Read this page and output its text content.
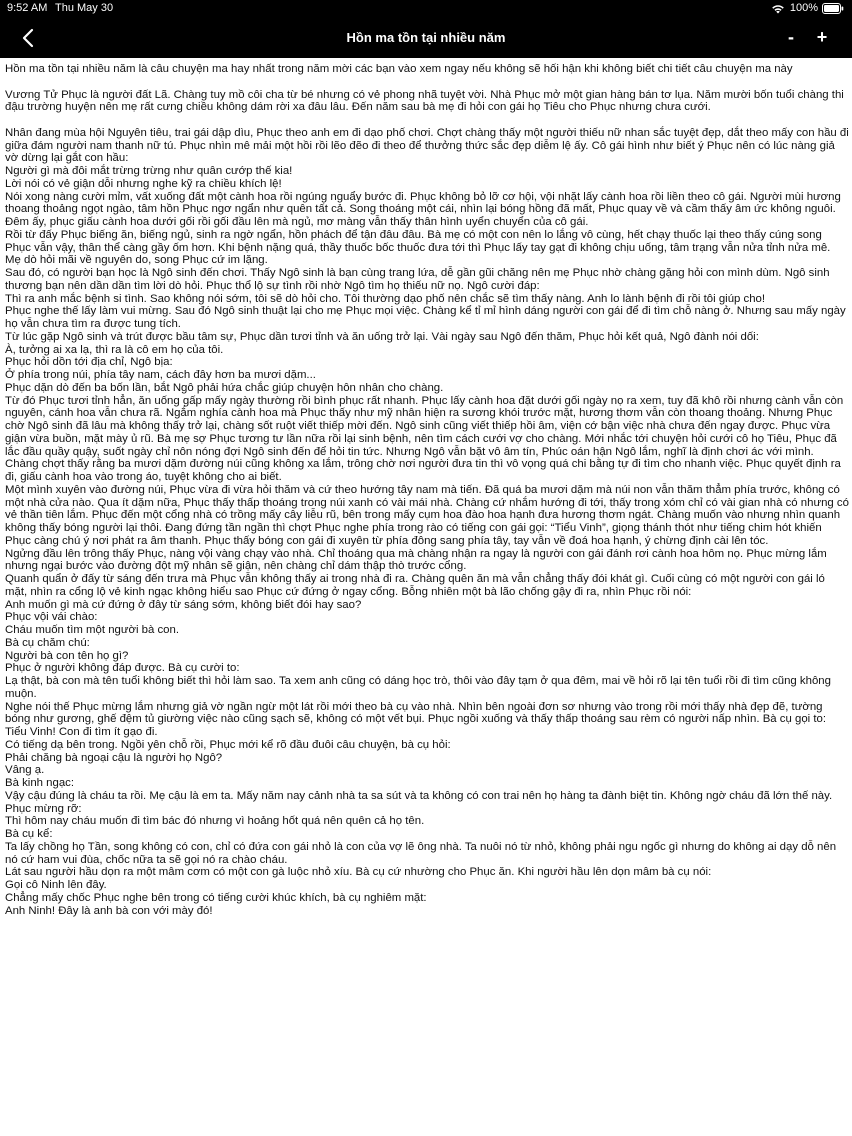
9:52 AM Thu May 30	100%
Hồn ma tồn tại nhiều năm	-	+

Hồn ma tồn tại nhiều năm là câu chuyện ma hay nhất trong năm mời các bạn vào xem ngay nếu không sẽ hối hận khi không biết chi tiết câu chuyện ma này

Vương Tử Phục là người đất Lã. Chàng tuy mồ côi cha từ bé nhưng có vẻ phong nhã tuyệt vời. Nhà Phục mở một gian hàng bán tơ lụa. Năm mười bốn tuổi chàng thi đậu trường huyện nên mẹ rất cưng chiều không dám rời xa đâu lâu. Đến năm sau bà mẹ đi hỏi con gái họ Tiêu cho Phục nhưng chưa cưới.

Nhân đang mùa hội Nguyên tiêu, trai gái dập dìu, Phục theo anh em đi dạo phố chơi. Chợt chàng thấy một người thiếu nữ nhan sắc tuyệt đẹp, dắt theo mấy con hầu đi giữa đám người nam thanh nữ tú. Phục nhìn mê mải một hồi rồi lẽo đẽo đi theo để thưởng thức sắc đẹp diễm lệ ấy. Cô gái hình như biết ý Phục nên có lúc nàng giả vờ dừng lại gắt con hầu:

Người gì mà đôi mắt trừng trừng như quân cướp thế kia!

Lời nói có vẻ giận dỗi nhưng nghe kỹ ra chiều khích lệ!

Nói xong nàng cười mỉm, vất xuống đất một cành hoa rồi ngúng nguẩy bước đi. Phục không bỏ lỡ cơ hội, vội nhặt lấy cành hoa rồi liền theo cô gái. Người mùi hương thoang thoảng ngọt ngào, tâm hồn Phục ngơ ngẩn như quên tất cả. Song thoáng một cái, nhìn lại bóng hồng đã mất, Phục quay về và cầm thấy âm ức không nguôi. Đêm ấy, phục giấu cành hoa dưới gối rồi gối đầu lên mà ngủ, mơ màng vẫn thấy thân hình uyển chuyển của cô gái.

Rồi từ đấy Phục biếng ăn, biếng ngủ, sinh ra ngờ ngẩn, hồn phách để tận đâu đâu. Bà mẹ có một con nên lo lắng vô cùng, hết chạy thuốc lại theo thấy cúng song Phục vẫn vậy, thân thể càng gầy ốm hơn. Khi bệnh nặng quá, thầy thuốc bốc thuốc đưa tới thì Phục lấy tay gạt đi không chịu uống, tâm trạng vẫn nửa tỉnh nửa mê. Mẹ dò hỏi mãi về nguyên do, song Phục cứ im lặng.

Sau đó, có người bạn học là Ngô sinh đến chơi. Thấy Ngô sinh là bạn cùng trang lứa, dễ gần gũi chăng nên mẹ Phục nhờ chàng gặng hỏi con mình dùm. Ngô sinh thương bạn nên dần dần tìm lời dò hỏi. Phục thổ lộ sự tình rồi nhờ Ngô tìm họ thiếu nữ nọ. Ngô cười đáp:

Thì ra anh mắc bệnh si tình. Sao không nói sớm, tôi sẽ dò hỏi cho. Tôi thường dạo phố nên chắc sẽ tìm thấy nàng. Anh lo lành bệnh đi rồi tôi giúp cho!

Phục nghe thế lấy làm vui mừng. Sau đó Ngô sinh thuật lại cho mẹ Phục mọi việc. Chàng kể tỉ mỉ hình dáng người con gái để đi tìm chỗ nàng ở. Nhưng sau mấy ngày họ vẫn chưa tìm ra được tung tích.

Từ lúc gặp Ngô sinh và trút được bầu tâm sự, Phục dần tươi tỉnh và ăn uống trở lại. Vài ngày sau Ngô đến thăm, Phục hỏi kết quả, Ngô đành nói dối:

À, tưởng ai xa lạ, thì ra là cô em họ của tôi.

Phục hỏi dồn tới địa chỉ, Ngô bịa:

Ở phía trong núi, phía tây nam, cách đây hơn ba mươi dặm...

Phục dặn dò đến ba bốn lần, bắt Ngô phải hứa chắc giúp chuyện hôn nhân cho chàng.

Từ đó Phục tươi tỉnh hẳn, ăn uống gấp mấy ngày thường rồi bình phục rất nhanh. Phục lấy cành hoa đặt dưới gối ngày nọ ra xem, tuy đã khô rồi nhưng cành vẫn còn nguyên, cánh hoa vẫn chưa rã. Ngắm nghía cành hoa mà Phục thấy như mỹ nhân hiện ra sương khói trước mặt, hương thơm vẫn còn thoang thoảng. Nhưng Phục chờ Ngô sinh đã lâu mà không thấy trở lại, chàng sốt ruột viết thiếp mời đến. Ngô sinh cũng viết thiếp hồi âm, viện cớ bận việc nhà chưa đến ngay được. Phục vừa giận vừa buồn, mặt mày ủ rũ. Bà mẹ sợ Phục tương tư lần nữa rồi lại sinh bệnh, nên tìm cách cưới vợ cho chàng. Mới nhắc tới chuyện hỏi cưới cô họ Tiêu, Phục đã lắc đầu quầy quậy, suốt ngày chỉ nôn nóng đợi Ngô sinh đến để hỏi tin tức. Nhưng Ngô vẫn bặt vô âm tín, Phúc oán hận Ngô lắm, nghĩ là định chơi ác với mình. Chàng chợt thấy rằng ba mươi dặm đường núi cũng không xa lắm, trông chờ nơi người đưa tin thì vô vọng quá chi bằng tự đi tìm cho nhanh việc. Phục quyết định ra đi, giấu cành hoa vào trong áo, tuyệt không cho ai biết.

Một mình xuyên vào đường núi, Phục vừa đi vừa hỏi thăm và cứ theo hướng tây nam mà tiến. Đã quá ba mươi dặm mà núi non vẫn thăm thẳm phía trước, không có một nhà cửa nào. Qua ít dặm nữa, Phục thấy thấp thoáng trong núi xanh có vài mái nhà. Chàng cứ nhắm hướng đi tới, thấy trong xóm chỉ có vài gian nhà có nhưng có vẻ thần tiên lắm. Phục đến một cổng nhà có trồng mấy cây liễu rũ, bên trong mấy cụm hoa đào hoa hạnh đưa hương thơm ngát. Chàng muốn vào nhưng nhìn quanh không thấy bóng người lại thôi. Đang đứng tần ngần thì chợt Phục nghe phía trong rào có tiếng con gái gọi: “Tiểu Vinh”, giọng thánh thót như tiếng chim hót khiến Phục càng chú ý nơi phát ra âm thanh. Phục thấy bóng con gái đi xuyên từ phía đông sang phía tây, tay vẫn về đoá hoa hạnh, ý chừng định cài lên tóc.

Ngửng đầu lên trông thấy Phục, nàng vội vàng chạy vào nhà. Chỉ thoáng qua mà chàng nhận ra ngay là người con gái đánh rơi cành hoa hôm nọ. Phục mừng lắm nhưng ngại bước vào đường đột mỹ nhân sẽ giận, nên chàng chỉ dám thập thò trước cổng.

Quanh quẩn ở đấy từ sáng đến trưa mà Phục vẫn không thấy ai trong nhà đi ra. Chàng quên ăn mà vẫn chẳng thấy đói khát gì. Cuối cùng có một người con gái ló mặt, nhìn ra cổng lộ vẻ kinh ngạc không hiểu sao Phục cứ đứng ở ngay cổng. Bỗng nhiên một bà lão chống gậy đi ra, nhìn Phục rồi nói:

Anh muốn gì mà cứ đứng ở đây từ sáng sớm, không biết đói hay sao?

Phục vội vái chào:

Cháu muốn tìm một người bà con.

Bà cụ chăm chú:

Người bà con tên họ gì?

Phục ở người không đáp được. Bà cụ cười to:

Lạ thật, bà con mà tên tuổi không biết thì hỏi làm sao. Ta xem anh cũng có dáng học trò, thôi vào đây tạm ở qua đêm, mai về hỏi rõ lại tên tuổi rồi đi tìm cũng không muộn.

Nghe nói thế Phục mừng lắm nhưng giả vờ ngần ngừ một lát rồi mới theo bà cụ vào nhà. Nhìn bên ngoài đơn sơ nhưng vào trong rồi mới thấy nhà đẹp đẽ, tường bóng như gương, ghế đệm tủ giường việc nào cũng sạch sẽ, không có một vết bụi. Phục ngồi xuống và thấy thấp thoáng sau rèm có người nấp nhìn. Bà cụ gọi to:

Tiểu Vinh! Con đi tìm ít gạo đi.

Có tiếng dạ bên trong. Ngồi yên chỗ rồi, Phục mới kể rõ đầu đuôi câu chuyện, bà cụ hỏi:

Phải chăng bà ngoại cậu là người họ Ngô?

Vâng ạ.

Bà kinh ngạc:

Vậy cậu đúng là cháu ta rồi. Mẹ cậu là em ta. Mấy năm nay cảnh nhà ta sa sút và ta không có con trai nên họ hàng ta đành biệt tin. Không ngờ cháu đã lớn thế này.

Phục mừng rỡ:

Thì hôm nay cháu muốn đi tìm bác đó nhưng vì hoảng hốt quá nên quên cả họ tên.

Bà cụ kể:

Ta lấy chồng họ Tần, song không có con, chỉ có đứa con gái nhỏ là con của vợ lẽ ông nhà. Ta nuôi nó từ nhỏ, không phải ngu ngốc gì nhưng do không ai dạy dỗ nên nó cứ ham vui đùa, chốc nữa ta sẽ gọi nó ra chào cháu.

Lát sau người hầu dọn ra một mâm cơm có một con gà luộc nhỏ xíu. Bà cụ cứ nhường cho Phục ăn. Khi người hầu lên dọn mâm bà cụ nói:

Gọi cô Ninh lên đây.

Chẳng mấy chốc Phục nghe bên trong có tiếng cười khúc khích, bà cụ nghiêm mặt:

Anh Ninh! Đây là anh bà con với mày đó!
